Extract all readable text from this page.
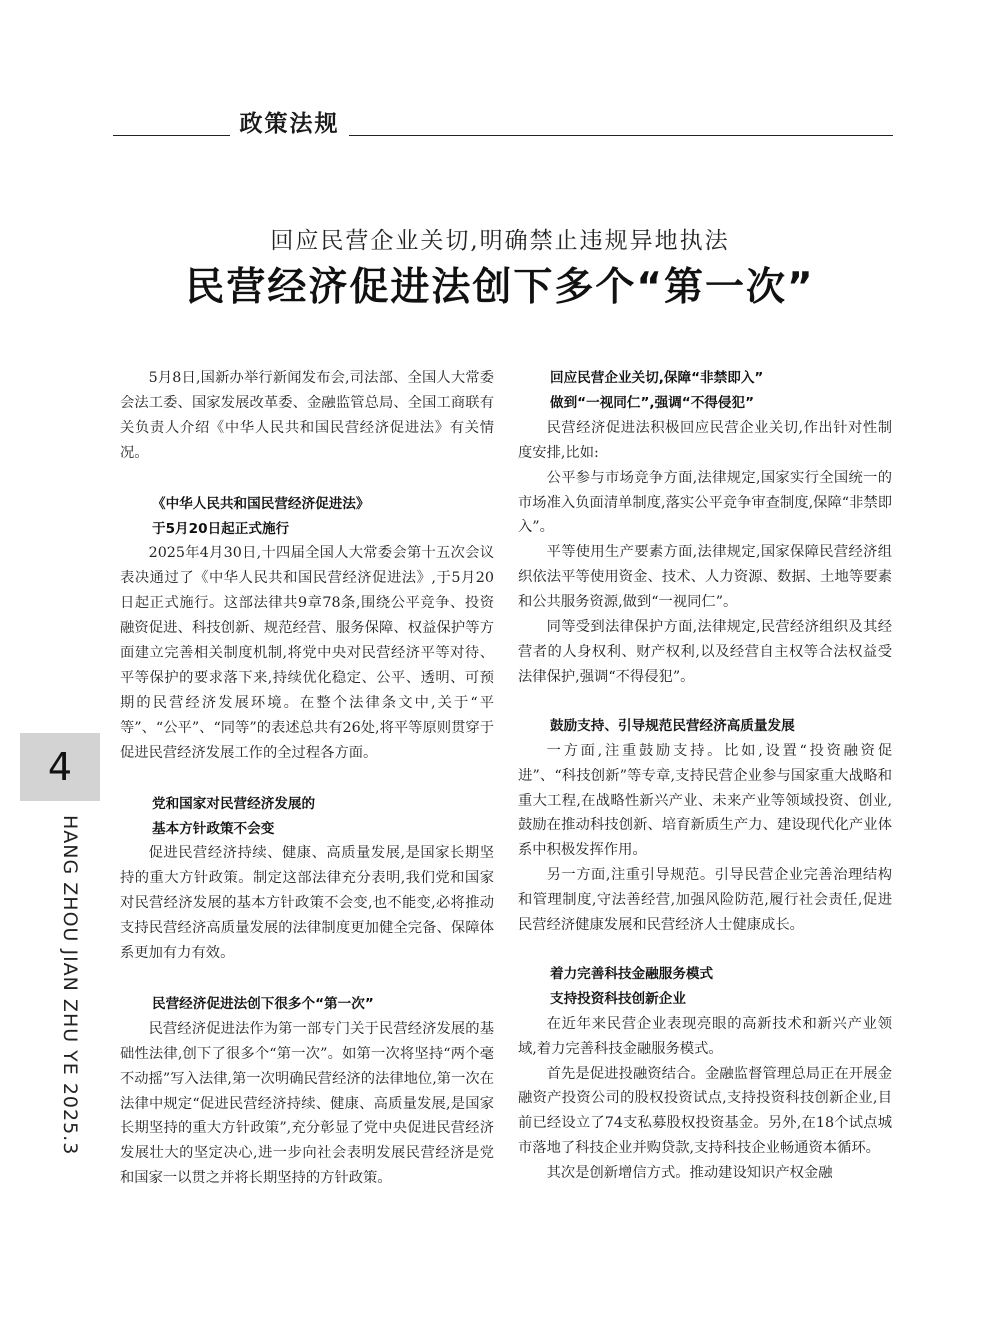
政策法规
回应民营企业关切,明确禁止违规异地执法
民营经济促进法创下多个“第一次”

5月8日,国新办举行新闻发布会,司法部、全国人大常委会法工委、国家发展改革委、金融监管总局、全国工商联有关负责人介绍《中华人民共和国民营经济促进法》有关情况。

《中华人民共和国民营经济促进法》
于5月20日起正式施行

2025年4月30日,十四届全国人大常委会第十五次会议表决通过了《中华人民共和国民营经济促进法》,于5月20日起正式施行。这部法律共9章78条,围绕公平竞争、投资融资促进、科技创新、规范经营、服务保障、权益保护等方面建立完善相关制度机制,将党中央对民营经济平等对待、平等保护的要求落下来,持续优化稳定、公平、透明、可预期的民营经济发展环境。在整个法律条文中,关于“平等”、“公平”、“同等”的表述总共有26处,将平等原则贯穿于促进民营经济发展工作的全过程各方面。

党和国家对民营经济发展的
基本方针政策不会变

促进民营经济持续、健康、高质量发展,是国家长期坚持的重大方针政策。制定这部法律充分表明,我们党和国家对民营经济发展的基本方针政策不会变,也不能变,必将推动支持民营经济高质量发展的法律制度更加健全完备、保障体系更加有力有效。

民营经济促进法创下很多个“第一次”

民营经济促进法作为第一部专门关于民营经济发展的基础性法律,创下了很多个“第一次”。如第一次将坚持“两个毫不动摇”写入法律,第一次明确民营经济的法律地位,第一次在法律中规定“促进民营经济持续、健康、高质量发展,是国家长期坚持的重大方针政策”,充分彰显了党中央促进民营经济发展壮大的坚定决心,进一步向社会表明发展民营经济是党和国家一以贯之并将长期坚持的方针政策。

回应民营企业关切,保障“非禁即入”
做到“一视同仁”,强调“不得侵犯”

民营经济促进法积极回应民营企业关切,作出针对性制度安排,比如:

公平参与市场竞争方面,法律规定,国家实行全国统一的市场准入负面清单制度,落实公平竞争审查制度,保障“非禁即入”。

平等使用生产要素方面,法律规定,国家保障民营经济组织依法平等使用资金、技术、人力资源、数据、土地等要素和公共服务资源,做到“一视同仁”。

同等受到法律保护方面,法律规定,民营经济组织及其经营者的人身权利、财产权利,以及经营自主权等合法权益受法律保护,强调“不得侵犯”。

鼓励支持、引导规范民营经济高质量发展

一方面,注重鼓励支持。比如,设置“投资融资促进”、“科技创新”等专章,支持民营企业参与国家重大战略和重大工程,在战略性新兴产业、未来产业等领域投资、创业,鼓励在推动科技创新、培育新质生产力、建设现代化产业体系中积极发挥作用。

另一方面,注重引导规范。引导民营企业完善治理结构和管理制度,守法善经营,加强风险防范,履行社会责任,促进民营经济健康发展和民营经济人士健康成长。

着力完善科技金融服务模式
支持投资科技创新企业

在近年来民营企业表现亮眼的高新技术和新兴产业领域,着力完善科技金融服务模式。

首先是促进投融资结合。金融监督管理总局正在开展金融资产投资公司的股权投资试点,支持投资科技创新企业,目前已经设立了74支私募股权投资基金。另外,在18个试点城市落地了科技企业并购贷款,支持科技企业畅通资本循环。

其次是创新增信方式。推动建设知识产权金融

4
HANG ZHOU JIAN ZHU YE 2025.3
